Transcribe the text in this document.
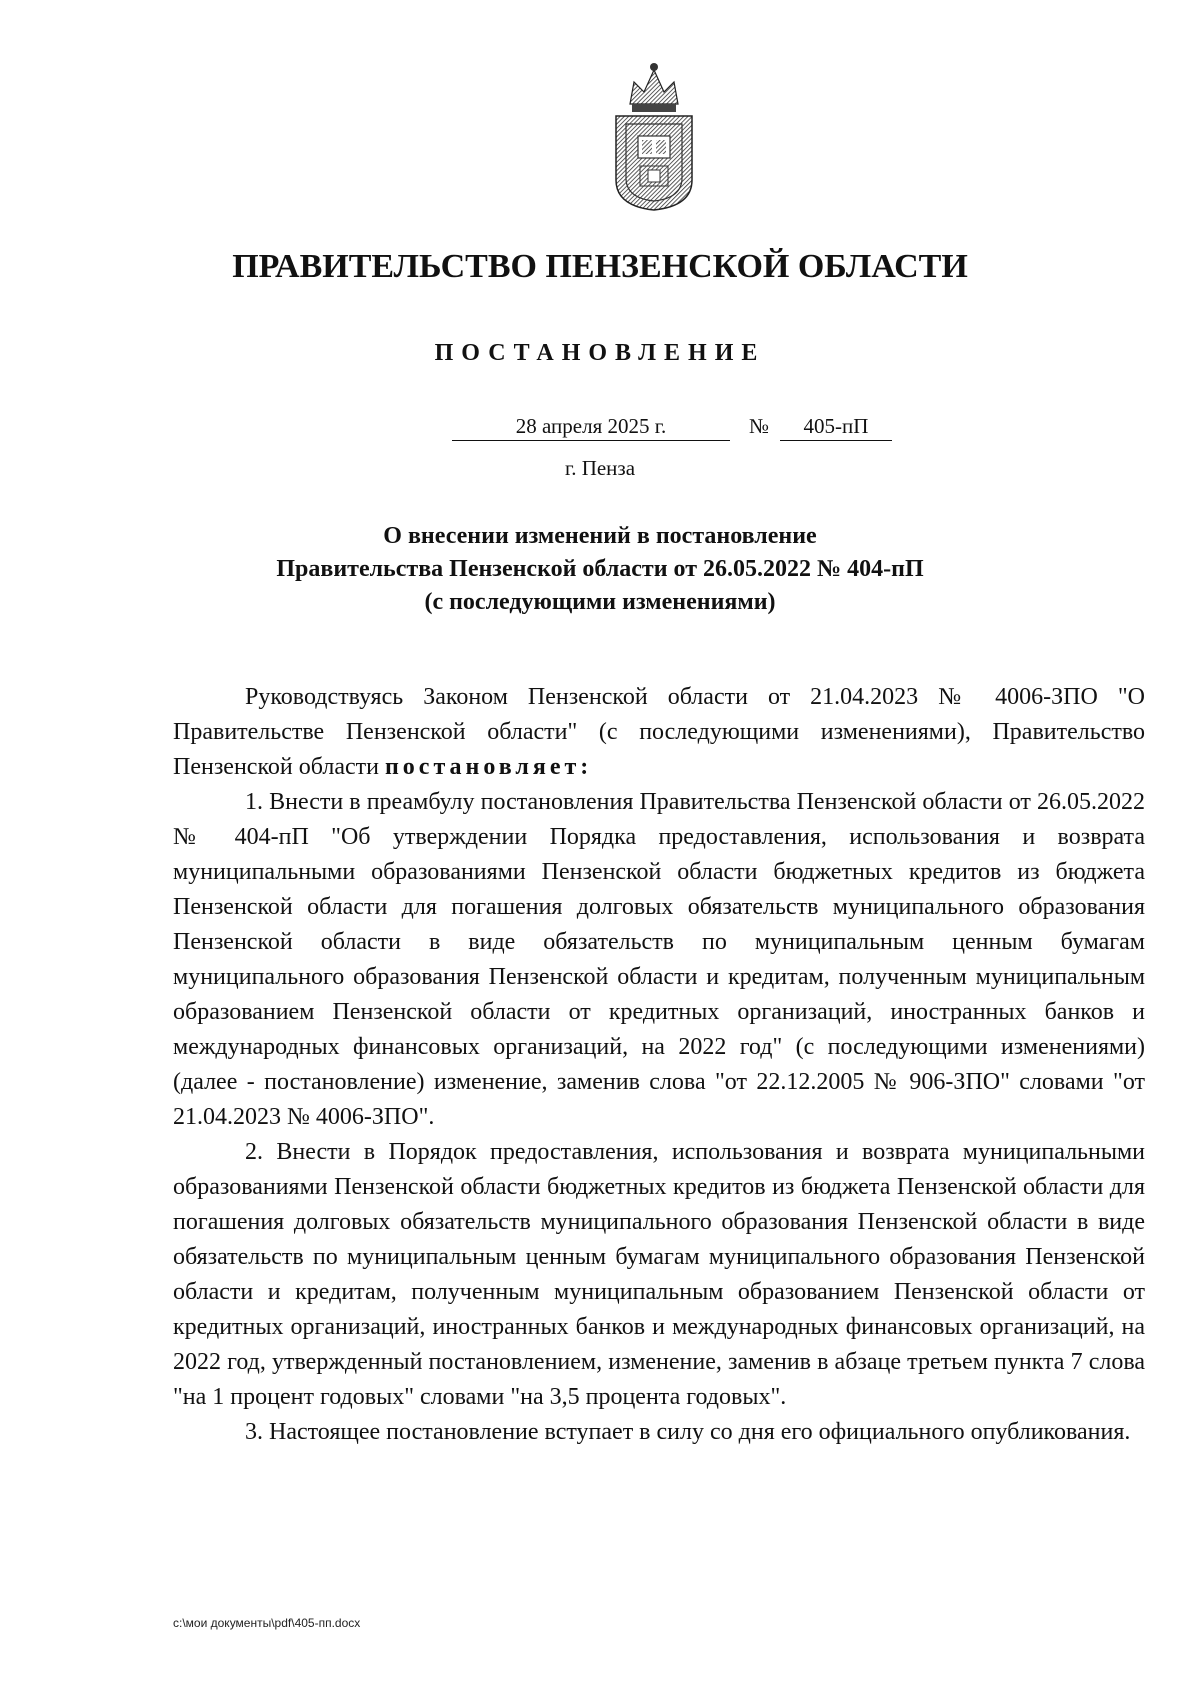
ПРАВИТЕЛЬСТВО ПЕНЗЕНСКОЙ ОБЛАСТИ
ПОСТАНОВЛЕНИЕ
28 апреля 2025 г.	№	405-пП
г. Пенза
О внесении изменений в постановление
Правительства Пензенской области от 26.05.2022 № 404-пП
(с последующими изменениями)

Руководствуясь Законом Пензенской области от 21.04.2023 № 4006-ЗПО "О Правительстве Пензенской области" (с последующими изменениями), Правительство Пензенской области постановляет:

1. Внести в преамбулу постановления Правительства Пензенской области от 26.05.2022 № 404-пП "Об утверждении Порядка предоставления, использования и возврата муниципальными образованиями Пензенской области бюджетных кредитов из бюджета Пензенской области для погашения долговых обязательств муниципального образования Пензенской области в виде обязательств по муниципальным ценным бумагам муниципального образования Пензенской области и кредитам, полученным муниципальным образованием Пензенской области от кредитных организаций, иностранных банков и международных финансовых организаций, на 2022 год" (с последующими изменениями) (далее - постановление) изменение, заменив слова "от 22.12.2005 № 906-ЗПО" словами "от 21.04.2023 № 4006-ЗПО".

2. Внести в Порядок предоставления, использования и возврата муниципальными образованиями Пензенской области бюджетных кредитов из бюджета Пензенской области для погашения долговых обязательств муниципального образования Пензенской области в виде обязательств по муниципальным ценным бумагам муниципального образования Пензенской области и кредитам, полученным муниципальным образованием Пензенской области от кредитных организаций, иностранных банков и международных финансовых организаций, на 2022 год, утвержденный постановлением, изменение, заменив в абзаце третьем пункта 7 слова "на 1 процент годовых" словами "на 3,5 процента годовых".

3. Настоящее постановление вступает в силу со дня его официального опубликования.

c:\мои документы\pdf\405-пп.docx
